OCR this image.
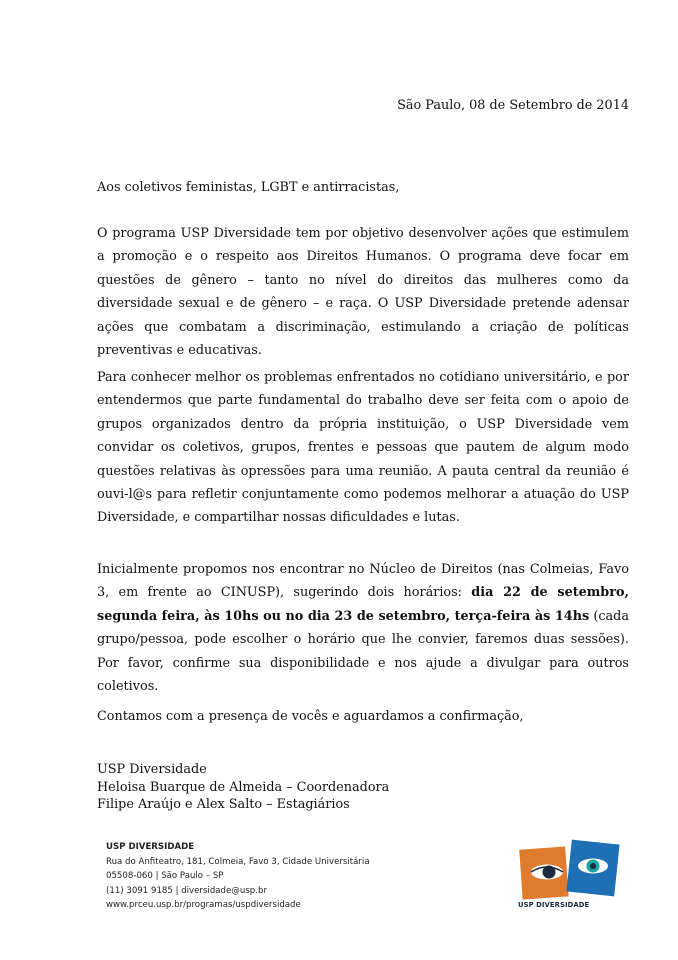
São Paulo, 08 de Setembro de 2014
Aos coletivos feministas, LGBT e antirracistas,
O programa USP Diversidade tem por objetivo desenvolver ações que estimulem a promoção e o respeito aos Direitos Humanos. O programa deve focar em questões de gênero – tanto no nível do direitos das mulheres como da diversidade sexual e de gênero – e raça. O USP Diversidade pretende adensar ações que combatam a discriminação, estimulando a criação de políticas preventivas e educativas.
Para conhecer melhor os problemas enfrentados no cotidiano universitário, e por entendermos que parte fundamental do trabalho deve ser feita com o apoio de grupos organizados dentro da própria instituição, o USP Diversidade vem convidar os coletivos, grupos, frentes e pessoas que pautem de algum modo questões relativas às opressões para uma reunião. A pauta central da reunião é ouvi-l@s para refletir conjuntamente como podemos melhorar a atuação do USP Diversidade, e compartilhar nossas dificuldades e lutas.
Inicialmente propomos nos encontrar no Núcleo de Direitos (nas Colmeias, Favo 3, em frente ao CINUSP), sugerindo dois horários: dia 22 de setembro, segunda feira, às 10hs ou no dia 23 de setembro, terça-feira às 14hs (cada grupo/pessoa, pode escolher o horário que lhe convier, faremos duas sessões). Por favor, confirme sua disponibilidade e nos ajude a divulgar para outros coletivos.
Contamos com a presença de vocês e aguardamos a confirmação,
USP Diversidade
Heloisa Buarque de Almeida – Coordenadora
Filipe Araújo e Alex Salto – Estagiários
USP DIVERSIDADE
Rua do Anfiteatro, 181, Colmeia, Favo 3, Cidade Universitária
05508-060 | São Paulo – SP
(11) 3091 9185 | diversidade@usp.br
www.prceu.usp.br/programas/uspdiversidade	USP DIVERSIDADE
